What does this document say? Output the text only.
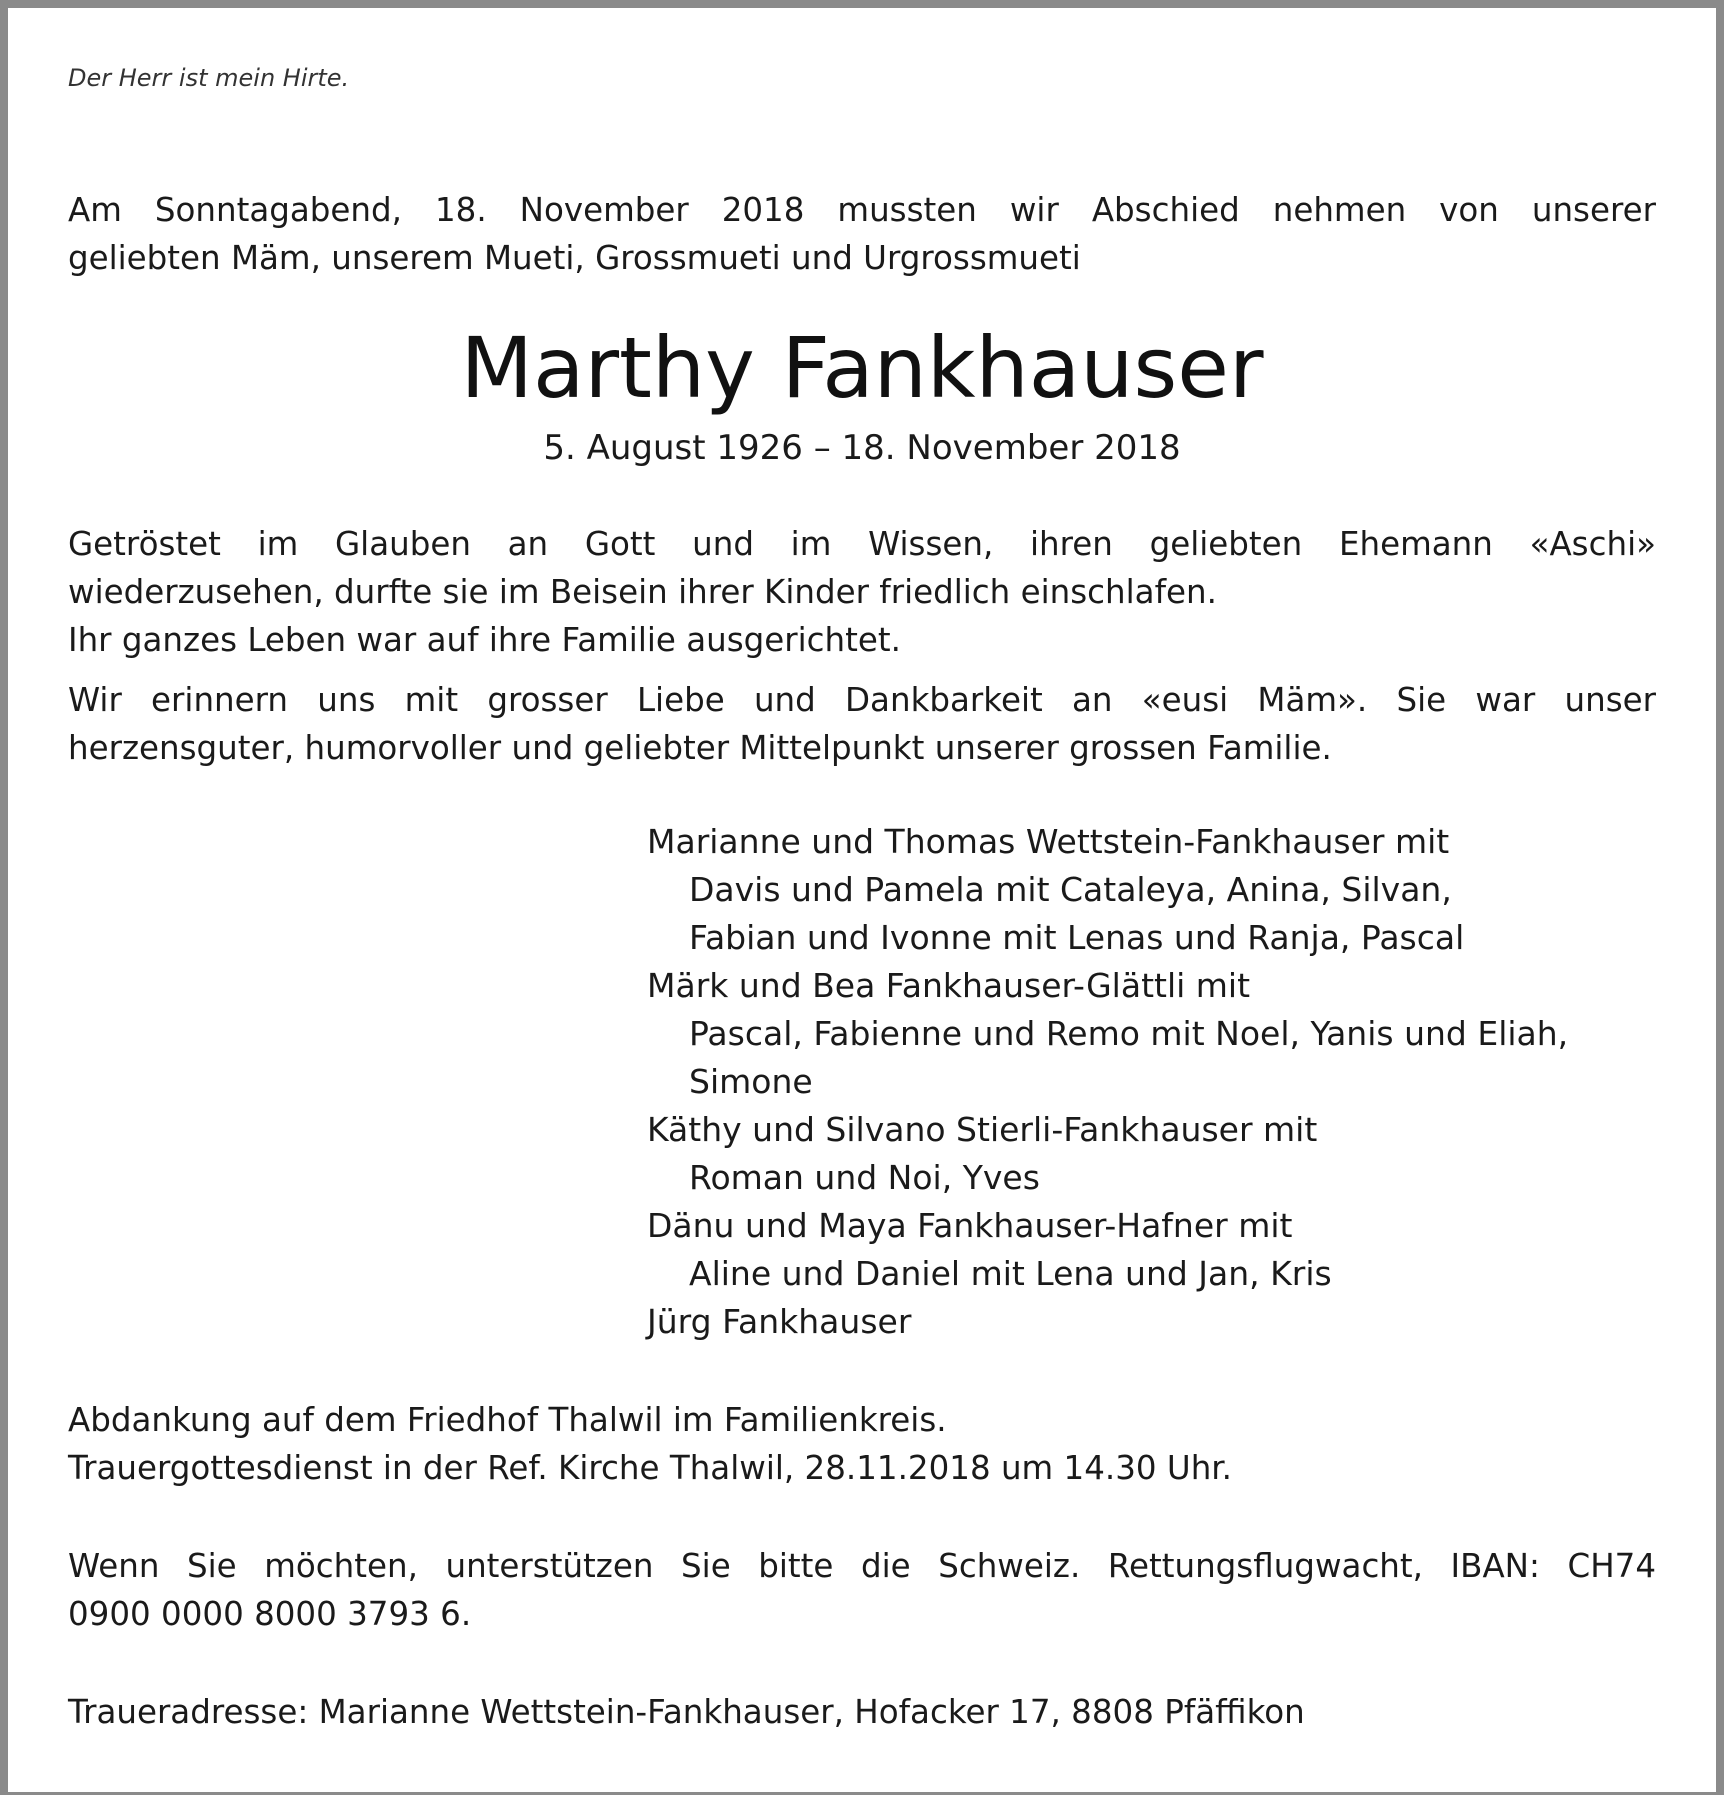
Der Herr ist mein Hirte.
Am Sonntagabend, 18. November 2018 mussten wir Abschied nehmen von unserer
geliebten Mäm, unserem Mueti, Grossmueti und Urgrossmueti
Marthy Fankhauser
5. August 1926 – 18. November 2018
Getröstet im Glauben an Gott und im Wissen, ihren geliebten Ehemann «Aschi»
wiederzusehen, durfte sie im Beisein ihrer Kinder friedlich einschlafen.
Ihr ganzes Leben war auf ihre Familie ausgerichtet.
Wir erinnern uns mit grosser Liebe und Dankbarkeit an «eusi Mäm». Sie war unser
herzensguter, humorvoller und geliebter Mittelpunkt unserer grossen Familie.
Marianne und Thomas Wettstein-Fankhauser mit
Davis und Pamela mit Cataleya, Anina, Silvan,
Fabian und Ivonne mit Lenas und Ranja, Pascal
Märk und Bea Fankhauser-Glättli mit
Pascal, Fabienne und Remo mit Noel, Yanis und Eliah,
Simone
Käthy und Silvano Stierli-Fankhauser mit
Roman und Noi, Yves
Dänu und Maya Fankhauser-Hafner mit
Aline und Daniel mit Lena und Jan, Kris
Jürg Fankhauser
Abdankung auf dem Friedhof Thalwil im Familienkreis.
Trauergottesdienst in der Ref. Kirche Thalwil, 28.11.2018 um 14.30 Uhr.
Wenn Sie möchten, unterstützen Sie bitte die Schweiz. Rettungsflugwacht, IBAN: CH74
0900 0000 8000 3793 6.
Traueradresse: Marianne Wettstein-Fankhauser, Hofacker 17, 8808 Pfäffikon
